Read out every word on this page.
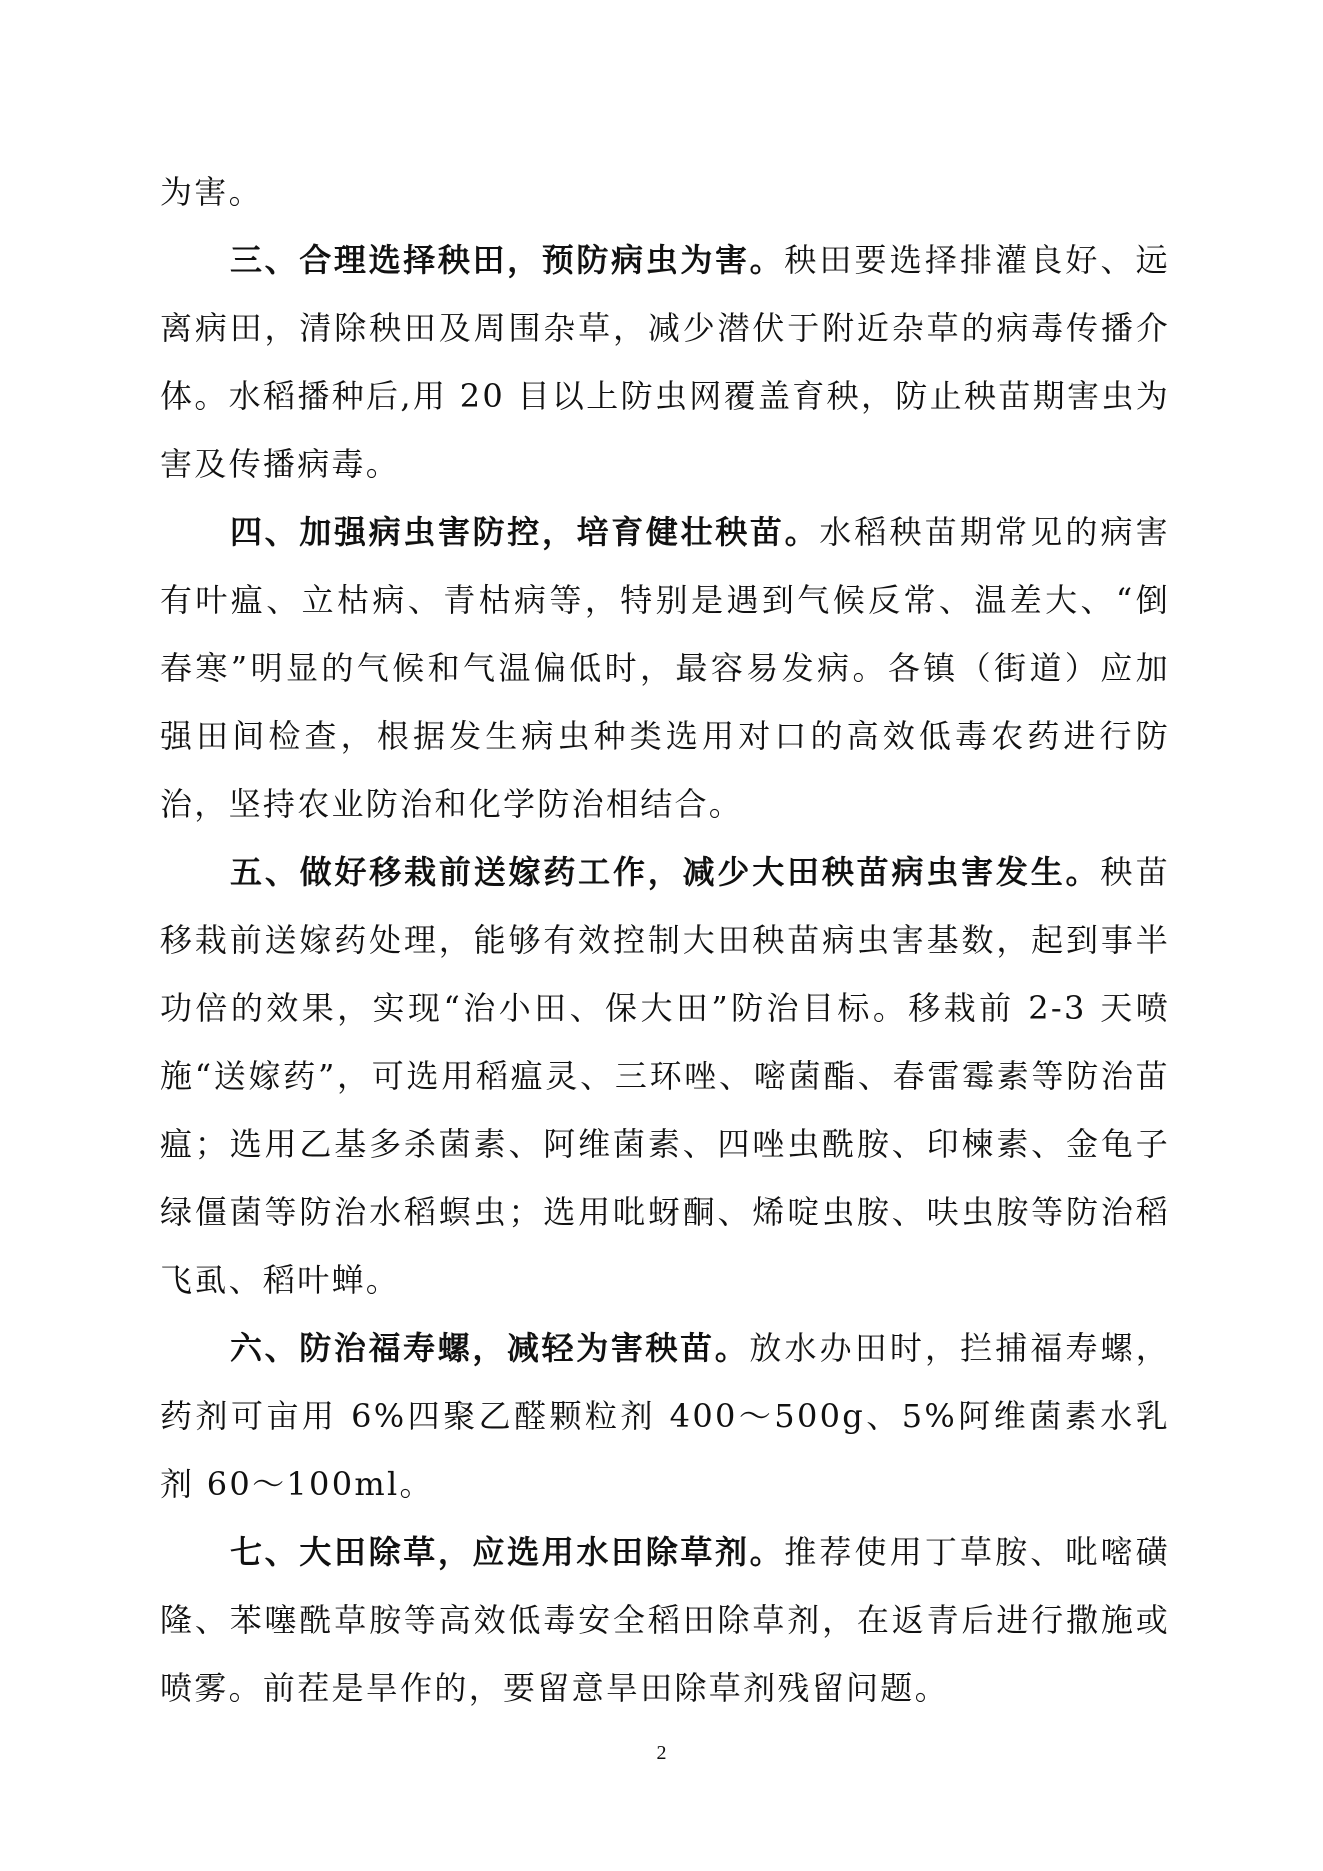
为害。

三、合理选择秧田，预防病虫为害。秧田要选择排灌良好、远离病田，清除秧田及周围杂草，减少潜伏于附近杂草的病毒传播介体。水稻播种后,用 20 目以上防虫网覆盖育秧，防止秧苗期害虫为害及传播病毒。

四、加强病虫害防控，培育健壮秧苗。水稻秧苗期常见的病害有叶瘟、立枯病、青枯病等，特别是遇到气候反常、温差大、“倒春寒”明显的气候和气温偏低时，最容易发病。各镇（街道）应加强田间检查，根据发生病虫种类选用对口的高效低毒农药进行防治，坚持农业防治和化学防治相结合。

五、做好移栽前送嫁药工作，减少大田秧苗病虫害发生。秧苗移栽前送嫁药处理，能够有效控制大田秧苗病虫害基数，起到事半功倍的效果，实现“治小田、保大田”防治目标。移栽前 2-3 天喷施“送嫁药”，可选用稻瘟灵、三环唑、嘧菌酯、春雷霉素等防治苗瘟；选用乙基多杀菌素、阿维菌素、四唑虫酰胺、印楝素、金龟子绿僵菌等防治水稻螟虫；选用吡蚜酮、烯啶虫胺、呋虫胺等防治稻飞虱、稻叶蝉。

六、防治福寿螺，减轻为害秧苗。放水办田时，拦捕福寿螺，药剂可亩用 6%四聚乙醛颗粒剂 400～500g、5%阿维菌素水乳剂 60～100ml。

七、大田除草，应选用水田除草剂。推荐使用丁草胺、吡嘧磺隆、苯噻酰草胺等高效低毒安全稻田除草剂，在返青后进行撒施或喷雾。前茬是旱作的，要留意旱田除草剂残留问题。

2
